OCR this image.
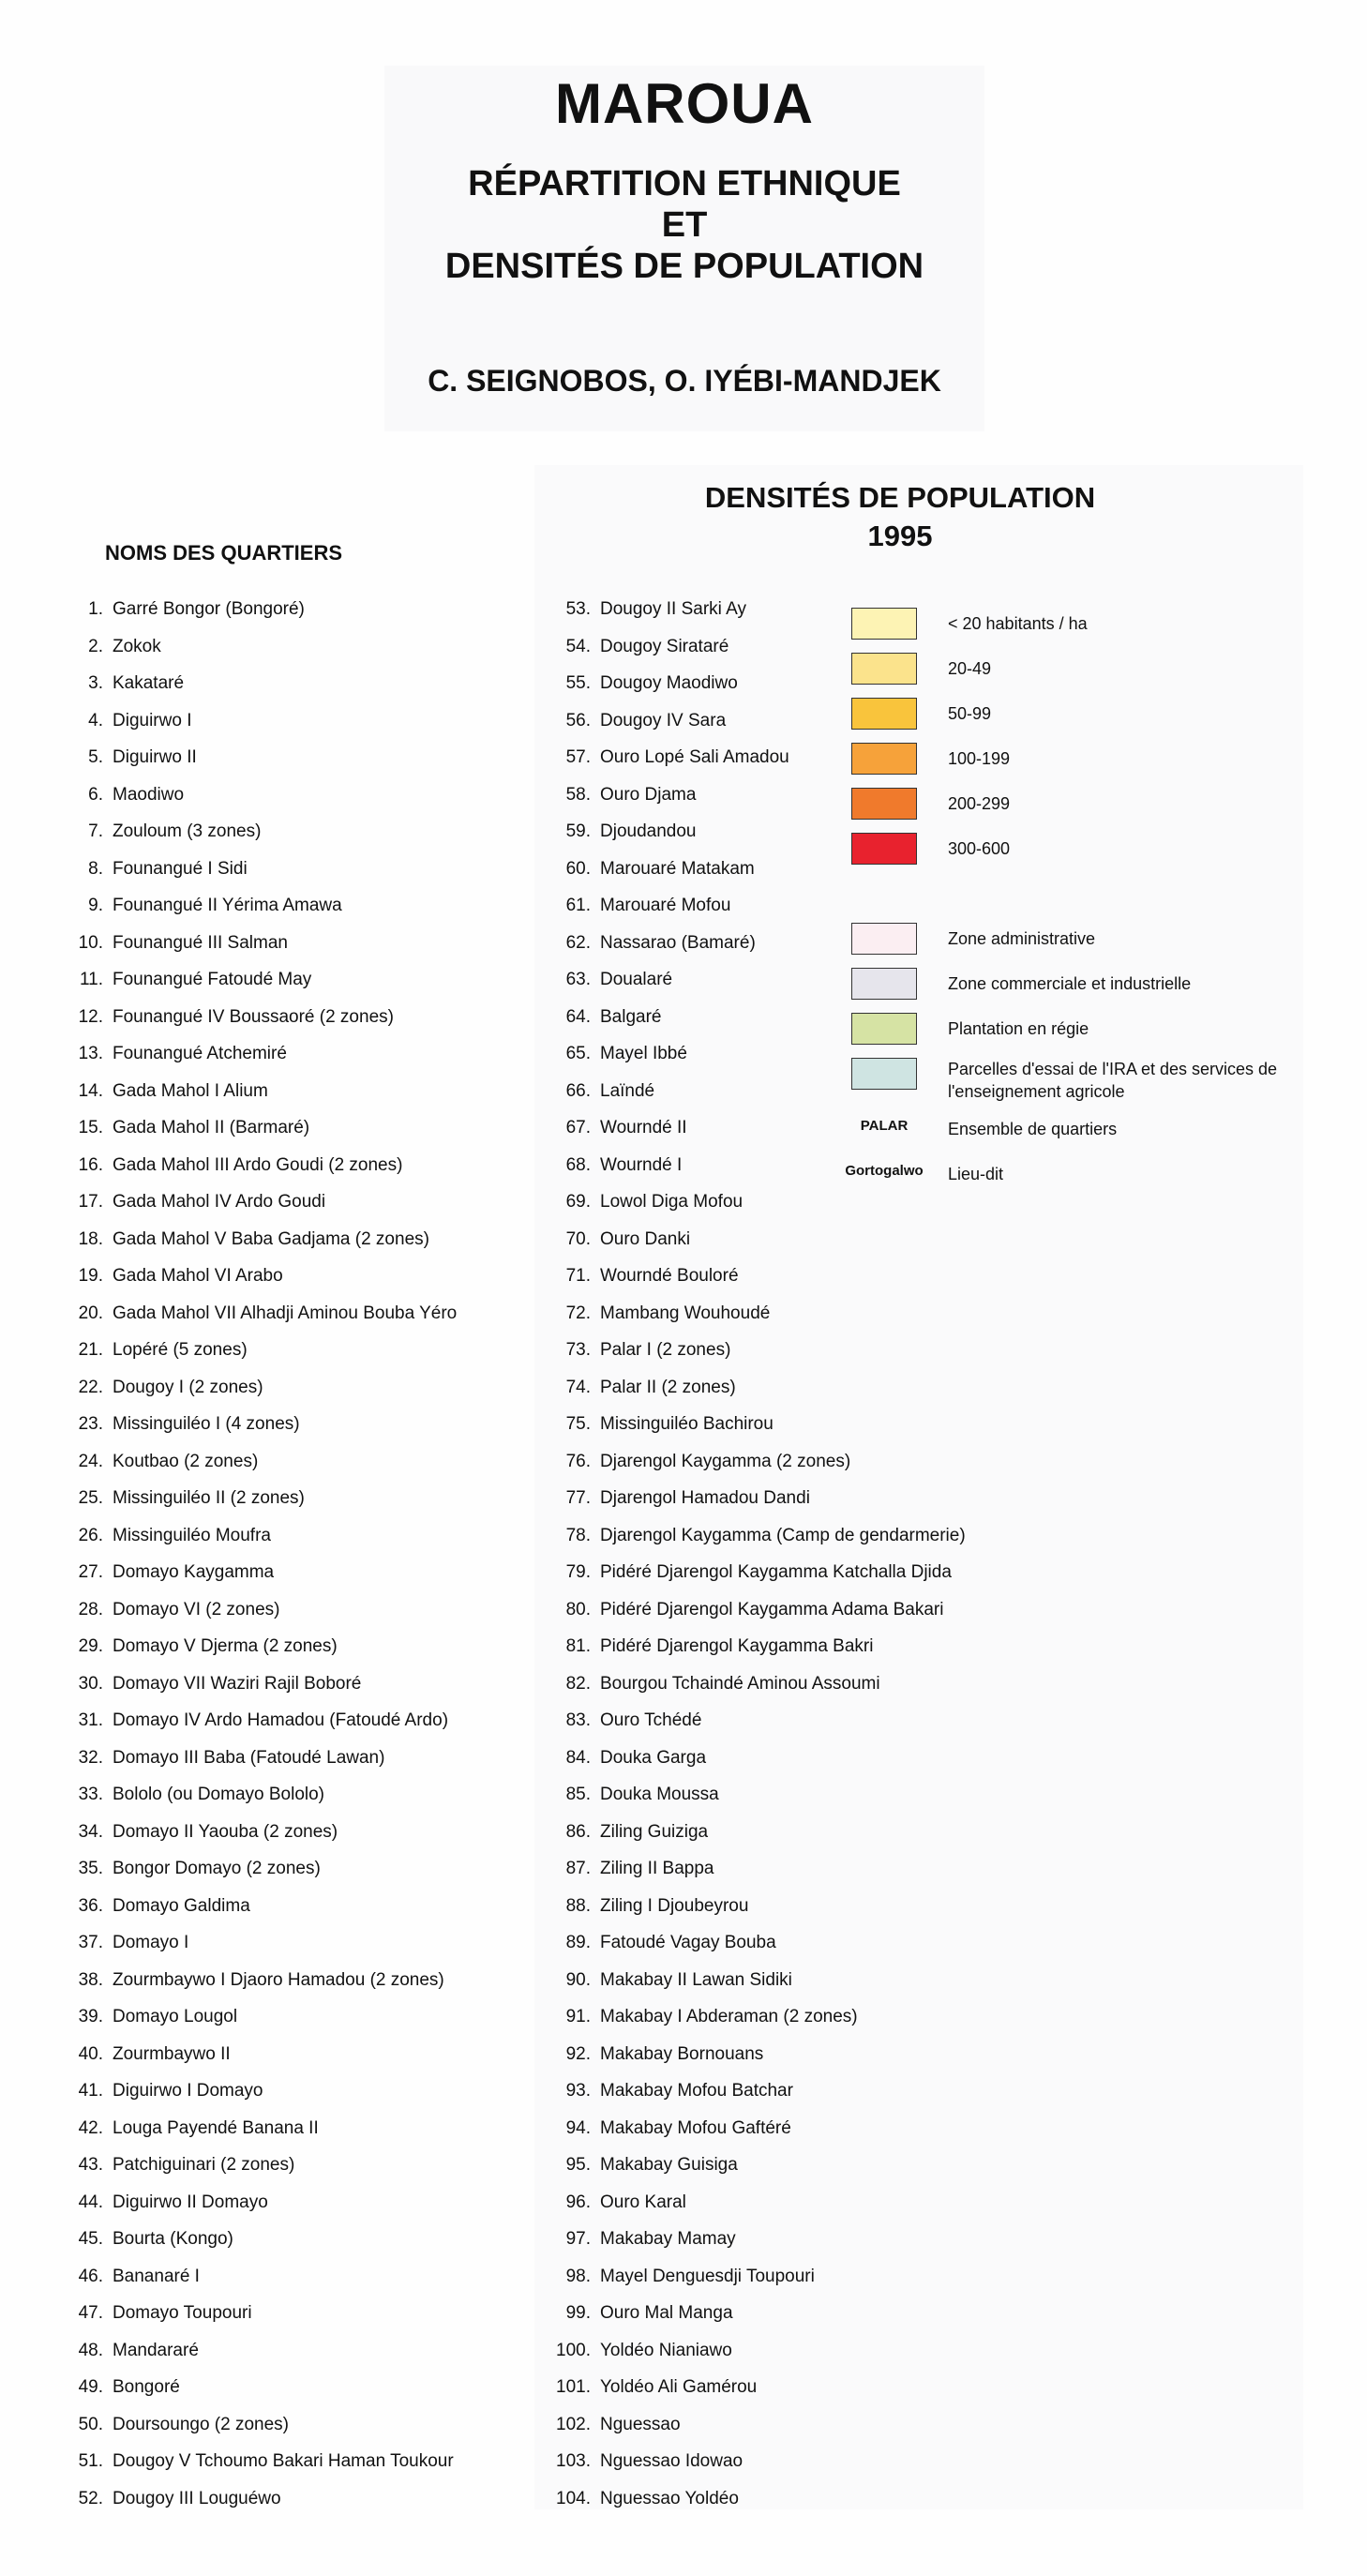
MAROUA
RÉPARTITION ETHNIQUE
ET
DENSITÉS DE POPULATION
C. SEIGNOBOS, O. IYÉBI-MANDJEK
DENSITÉS DE POPULATION
1995
NOMS DES QUARTIERS
1. Garré Bongor (Bongoré)
2. Zokok
3. Kakataré
4. Diguirwo I
5. Diguirwo II
6. Maodiwo
7. Zouloum (3 zones)
8. Founangué I Sidi
9. Founangué II Yérima Amawa
10. Founangué III Salman
11. Founangué Fatoudé May
12. Founangué IV Boussaoré (2 zones)
13. Founangué Atchemiré
14. Gada Mahol I Alium
15. Gada Mahol II (Barmaré)
16. Gada Mahol III Ardo Goudi (2 zones)
17. Gada Mahol IV Ardo Goudi
18. Gada Mahol V Baba Gadjama (2 zones)
19. Gada Mahol VI Arabo
20. Gada Mahol VII Alhadji Aminou Bouba Yéro
21. Lopéré (5 zones)
22. Dougoy I (2 zones)
23. Missinguiléo I (4 zones)
24. Koutbao (2 zones)
25. Missinguiléo II (2 zones)
26. Missinguiléo Moufra
27. Domayo Kaygamma
28. Domayo VI (2 zones)
29. Domayo V Djerma (2 zones)
30. Domayo VII Waziri Rajil Boboré
31. Domayo IV Ardo Hamadou (Fatoudé Ardo)
32. Domayo III Baba (Fatoudé Lawan)
33. Bololo (ou Domayo Bololo)
34. Domayo II Yaouba (2 zones)
35. Bongor Domayo (2 zones)
36. Domayo Galdima
37. Domayo I
38. Zourmbaywo I Djaoro Hamadou (2 zones)
39. Domayo Lougol
40. Zourmbaywo II
41. Diguirwo I Domayo
42. Louga Payendé Banana II
43. Patchiguinari (2 zones)
44. Diguirwo II Domayo
45. Bourta (Kongo)
46. Bananaré I
47. Domayo Toupouri
48. Mandararé
49. Bongoré
50. Doursoungo (2 zones)
51. Dougoy V Tchoumo Bakari Haman Toukour
52. Dougoy III Louguéwo
53. Dougoy II Sarki Ay
54. Dougoy Sirataré
55. Dougoy Maodiwo
56. Dougoy IV Sara
57. Ouro Lopé Sali Amadou
58. Ouro Djama
59. Djoudandou
60. Marouaré Matakam
61. Marouaré Mofou
62. Nassarao (Bamaré)
63. Doualaré
64. Balgaré
65. Mayel Ibbé
66. Laïndé
67. Wourndé II
68. Wourndé I
69. Lowol Diga Mofou
70. Ouro Danki
71. Wourndé Bouloré
72. Mambang Wouhoudé
73. Palar I (2 zones)
74. Palar II (2 zones)
75. Missinguiléo Bachirou
76. Djarengol Kaygamma (2 zones)
77. Djarengol Hamadou Dandi
78. Djarengol Kaygamma (Camp de gendarmerie)
79. Pidéré Djarengol Kaygamma Katchalla Djida
80. Pidéré Djarengol Kaygamma Adama Bakari
81. Pidéré Djarengol Kaygamma Bakri
82. Bourgou Tchaindé Aminou Assoumi
83. Ouro Tchédé
84. Douka Garga
85. Douka Moussa
86. Ziling Guiziga
87. Ziling II Bappa
88. Ziling I Djoubeyrou
89. Fatoudé Vagay Bouba
90. Makabay II Lawan Sidiki
91. Makabay I Abderaman (2 zones)
92. Makabay Bornouans
93. Makabay Mofou Batchar
94. Makabay Mofou Gaftéré
95. Makabay Guisiga
96. Ouro Karal
97. Makabay Mamay
98. Mayel Denguesdji Toupouri
99. Ouro Mal Manga
100. Yoldéo Nianiawo
101. Yoldéo Ali Gamérou
102. Nguessao
103. Nguessao Idowao
104. Nguessao Yoldéo
< 20 habitants / ha
20-49
50-99
100-199
200-299
300-600
Zone administrative
Zone commerciale et industrielle
Plantation en régie
Parcelles d'essai de l'IRA et des services de l'enseignement agricole
PALAR	Ensemble de quartiers
Gortogalwo	Lieu-dit
